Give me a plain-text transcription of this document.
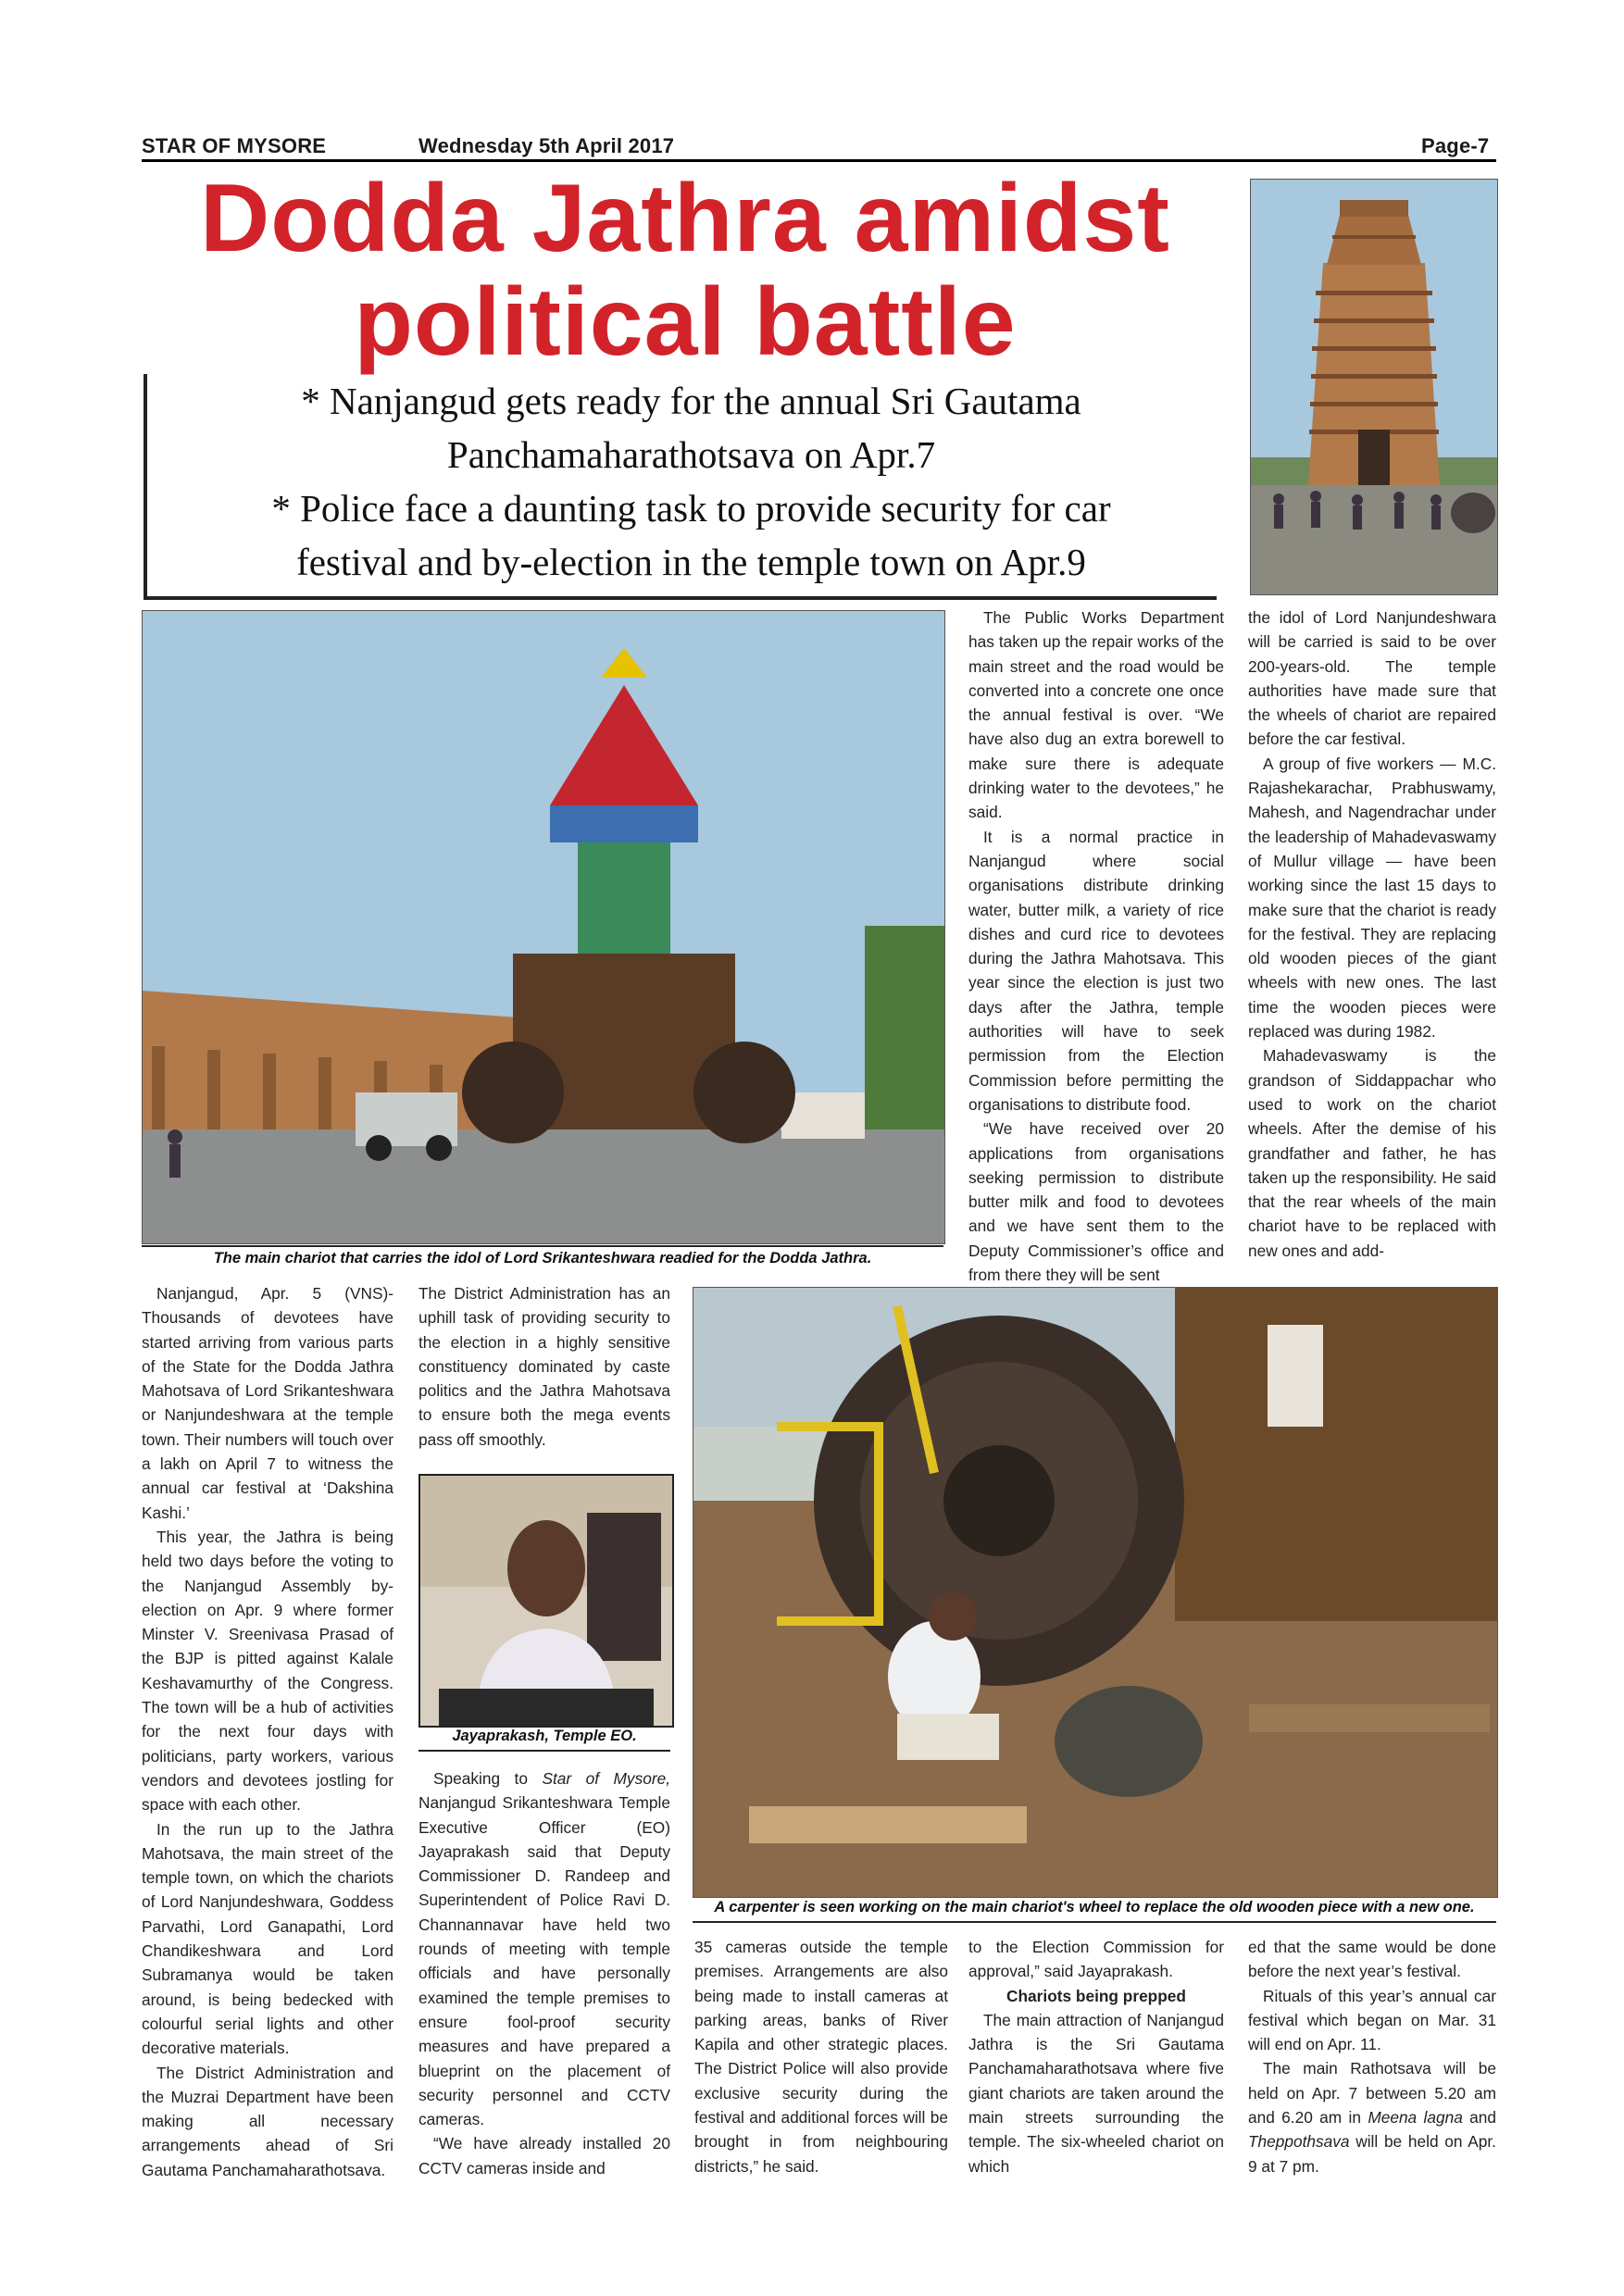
STAR OF MYSORE	Wednesday 5th April 2017	Page-7
Dodda Jathra amidst
political battle
* Nanjangud gets ready for the annual Sri Gautama
Panchamaharathotsava on Apr.7
* Police face a daunting task to provide security for car
festival and by-election in the temple town on Apr.9
The main chariot that carries the idol of Lord Srikanteshwara readied for the Dodda Jathra.

The Public Works Department has taken up the repair works of the main street and the road would be converted into a concrete one once the annual festival is over. “We have also dug an extra borewell to make sure there is adequate drinking water to the devotees,” he said.

It is a normal practice in Nanjangud where social organisations distribute drinking water, butter milk, a variety of rice dishes and curd rice to devotees during the Jathra Mahotsava. This year since the election is just two days after the Jathra, temple authorities will have to seek permission from the Election Commission before permitting the organisations to distribute food.

“We have received over 20 applications from organisations seeking permission to distribute butter milk and food to devotees and we have sent them to the Deputy Commissioner’s office and from there they will be sent

the idol of Lord Nanjundeshwara will be carried is said to be over 200-years-old. The temple authorities have made sure that the wheels of chariot are repaired before the car festival.

A group of five workers — M.C. Rajashekarachar, Prabhuswamy, Mahesh, and Nagendrachar under the leadership of Mahadevaswamy of Mullur village — have been working since the last 15 days to make sure that the chariot is ready for the festival. They are replacing old wooden pieces of the giant wheels with new ones. The last time the wooden pieces were replaced was during 1982.

Mahadevaswamy is the grandson of Siddappachar who used to work on the chariot wheels. After the demise of his grandfather and father, he has taken up the responsibility. He said that the rear wheels of the main chariot have to be replaced with new ones and add-

Nanjangud, Apr. 5 (VNS)- Thousands of devotees have started arriving from various parts of the State for the Dodda Jathra Mahotsava of Lord Srikanteshwara or Nanjundeshwara at the temple town. Their numbers will touch over a lakh on April 7 to witness the annual car festival at ‘Dakshina Kashi.’

This year, the Jathra is being held two days before the voting to the Nanjangud Assembly by-election on Apr. 9 where former Minster V. Sreenivasa Prasad of the BJP is pitted against Kalale Keshavamurthy of the Congress. The town will be a hub of activities for the next four days with politicians, party workers, various vendors and devotees jostling for space with each other.

In the run up to the Jathra Mahotsava, the main street of the temple town, on which the chariots of Lord Nanjundeshwara, Goddess Parvathi, Lord Ganapathi, Lord Chandikeshwara and Lord Subramanya would be taken around, is being bedecked with colourful serial lights and other decorative materials.

The District Administration and the Muzrai Department have been making all necessary arrangements ahead of Sri Gautama Panchamaharathotsava.

The District Administration has an uphill task of providing security to the election in a highly sensitive constituency dominated by caste politics and the Jathra Mahotsava to ensure both the mega events pass off smoothly.

Jayaprakash, Temple EO.

Speaking to Star of Mysore, Nanjangud Srikanteshwara Temple Executive Officer (EO) Jayaprakash said that Deputy Commissioner D. Randeep and Superintendent of Police Ravi D. Channannavar have held two rounds of meeting with temple officials and have personally examined the temple premises to ensure fool-proof security measures and have prepared a blueprint on the placement of security personnel and CCTV cameras.

“We have already installed 20 CCTV cameras inside and

A carpenter is seen working on the main chariot's wheel to replace the old wooden piece with a new one.

35 cameras outside the temple premises. Arrangements are also being made to install cameras at parking areas, banks of River Kapila and other strategic places. The District Police will also provide exclusive security during the festival and additional forces will be brought in from neighbouring districts,” he said.

to the Election Commission for approval,” said Jayaprakash.

Chariots being prepped

The main attraction of Nanjangud Jathra is the Sri Gautama Panchamaharathotsava where five giant chariots are taken around the main streets surrounding the temple. The six-wheeled chariot on which

ed that the same would be done before the next year’s festival.

Rituals of this year’s annual car festival which began on Mar. 31 will end on Apr. 11.

The main Rathotsava will be held on Apr. 7 between 5.20 am and 6.20 am in Meena lagna and Theppothsava will be held on Apr. 9 at 7 pm.
